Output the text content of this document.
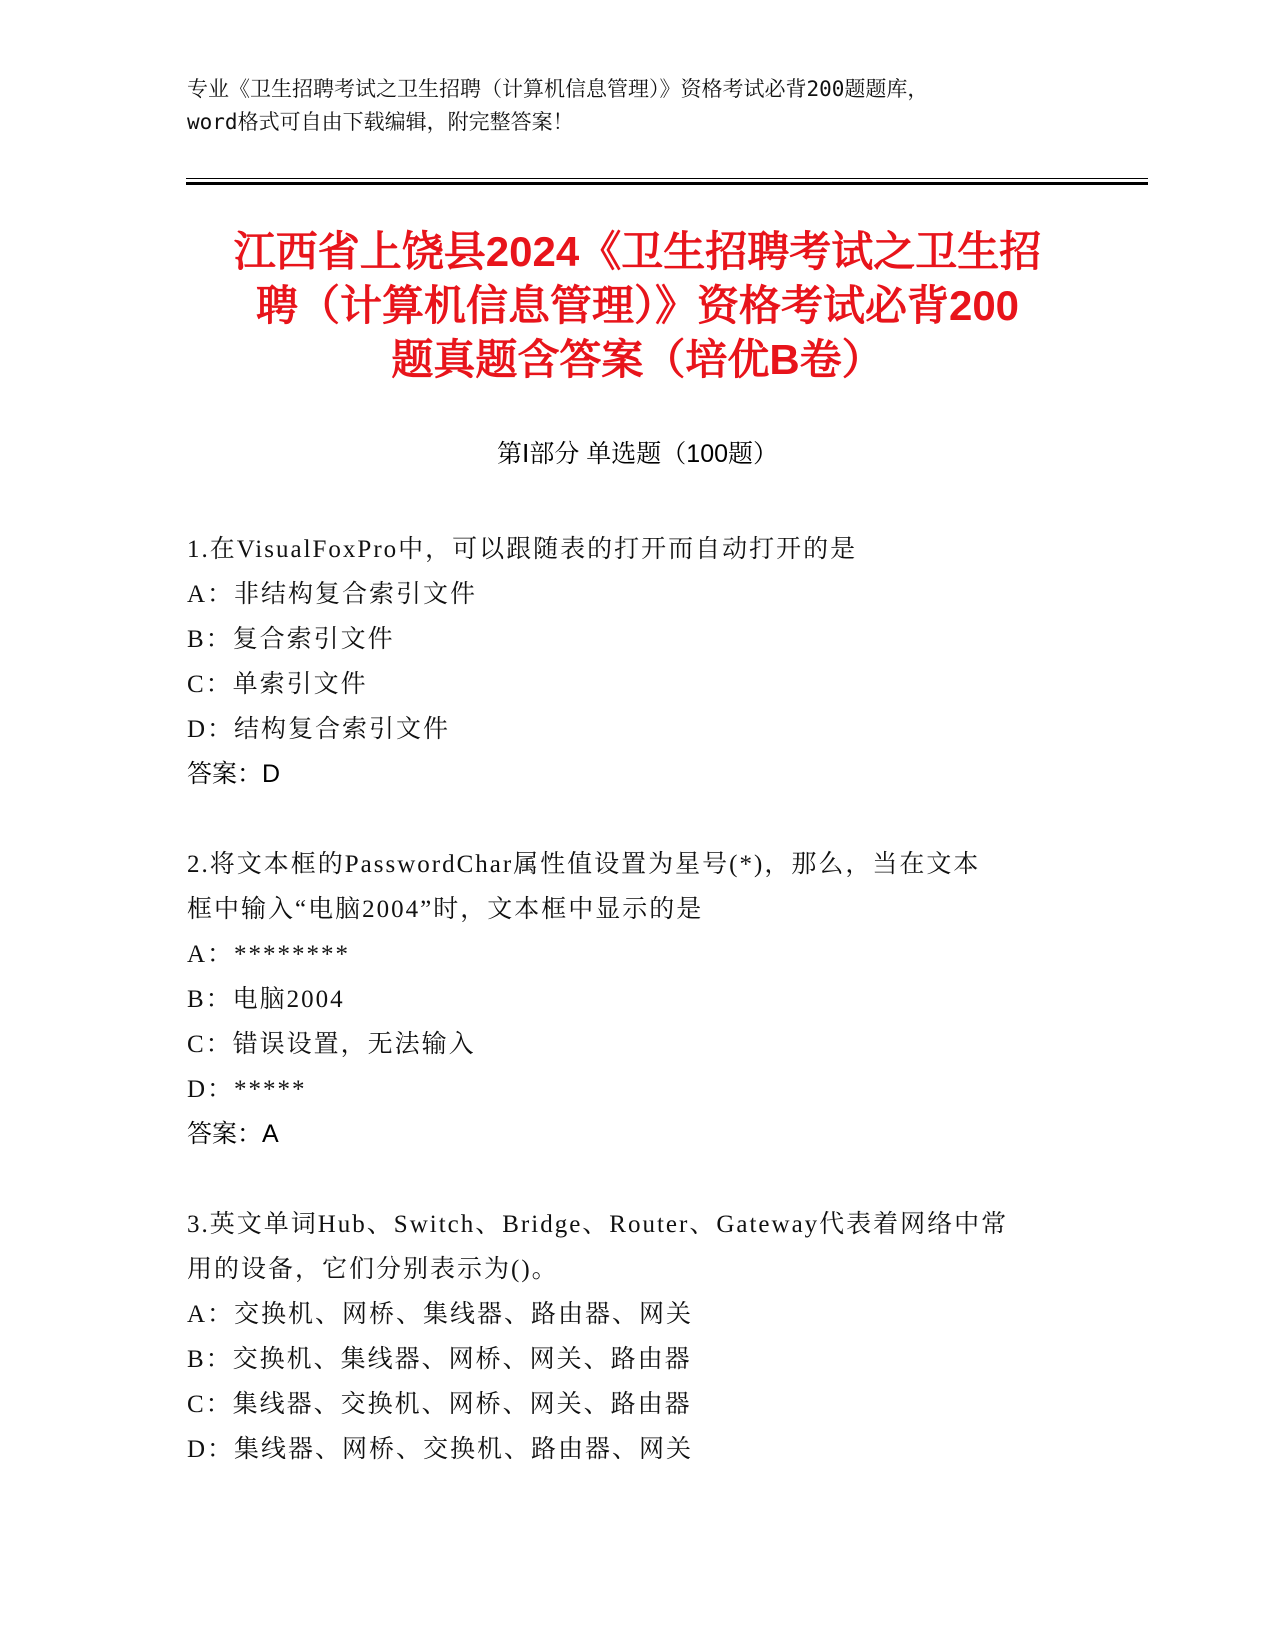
专业《卫生招聘考试之卫生招聘（计算机信息管理）》资格考试必背200题题库，
word格式可自由下载编辑，附完整答案！
江西省上饶县2024《卫生招聘考试之卫生招
聘（计算机信息管理）》资格考试必背200
题真题含答案（培优B卷）
第Ⅰ部分 单选题（100题）
1.在VisualFoxPro中，可以跟随表的打开而自动打开的是
A：非结构复合索引文件
B：复合索引文件
C：单索引文件
D：结构复合索引文件
答案：D
2.将文本框的PasswordChar属性值设置为星号(*)，那么，当在文本
框中输入“电脑2004”时，文本框中显示的是
A：********
B：电脑2004
C：错误设置，无法输入
D：*****
答案：A
3.英文单词Hub、Switch、Bridge、Router、Gateway代表着网络中常
用的设备，它们分别表示为()。
A：交换机、网桥、集线器、路由器、网关
B：交换机、集线器、网桥、网关、路由器
C：集线器、交换机、网桥、网关、路由器
D：集线器、网桥、交换机、路由器、网关
